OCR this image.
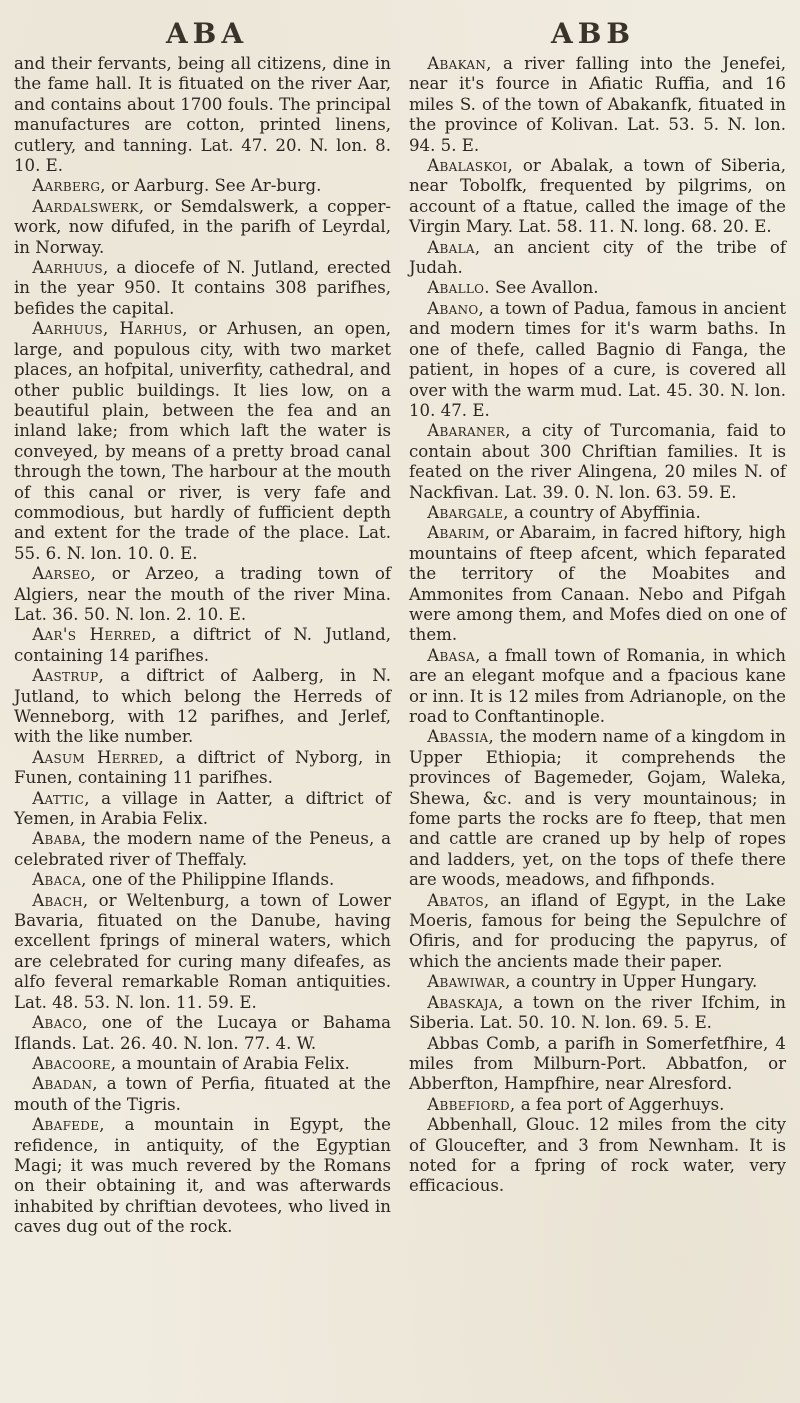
ABA	ABB

and their fervants, being all citizens, dine in the fame hall. It is fituated on the river Aar, and contains about 1700 fouls. The principal manufactures are cotton, printed linens, cutlery, and tanning. Lat. 47. 20. N. lon. 8. 10. E.

Aarberg, or Aarburg. See Ar-burg.

Aardalswerk, or Semdalswerk, a copper-work, now difufed, in the parifh of Leyrdal, in Norway.

Aarhuus, a diocefe of N. Jutland, erected in the year 950. It contains 308 parifhes, befides the capital.

Aarhuus, Harhus, or Arhusen, an open, large, and populous city, with two market places, an hofpital, univerfity, cathedral, and other public buildings. It lies low, on a beautiful plain, between the fea and an inland lake; from which laft the water is conveyed, by means of a pretty broad canal through the town, The harbour at the mouth of this canal or river, is very fafe and commodious, but hardly of fufficient depth and extent for the trade of the place. Lat. 55. 6. N. lon. 10. 0. E.

Aarseo, or Arzeo, a trading town of Algiers, near the mouth of the river Mina. Lat. 36. 50. N. lon. 2. 10. E.

Aar's Herred, a diftrict of N. Jutland, containing 14 parifhes.

Aastrup, a diftrict of Aalberg, in N. Jutland, to which belong the Herreds of Wenneborg, with 12 parifhes, and Jerlef, with the like number.

Aasum Herred, a diftrict of Nyborg, in Funen, containing 11 parifhes.

Aattic, a village in Aatter, a diftrict of Yemen, in Arabia Felix.

Ababa, the modern name of the Peneus, a celebrated river of Theffaly.

Abaca, one of the Philippine Iflands.

Abach, or Weltenburg, a town of Lower Bavaria, fituated on the Danube, having excellent fprings of mineral waters, which are celebrated for curing many difeafes, as alfo feveral remarkable Roman antiquities. Lat. 48. 53. N. lon. 11. 59. E.

Abaco, one of the Lucaya or Bahama Iflands. Lat. 26. 40. N. lon. 77. 4. W.

Abacoore, a mountain of Arabia Felix.

Abadan, a town of Perfia, fituated at the mouth of the Tigris.

Abafede, a mountain in Egypt, the refidence, in antiquity, of the Egyptian Magi; it was much revered by the Romans on their obtaining it, and was afterwards inhabited by chriftian devotees, who lived in caves dug out of the rock.

Abakan, a river falling into the Jenefei, near it's fource in Afiatic Ruffia, and 16 miles S. of the town of Abakanfk, fituated in the province of Kolivan. Lat. 53. 5. N. lon. 94. 5. E.

Abalaskoi, or Abalak, a town of Siberia, near Tobolfk, frequented by pilgrims, on account of a ftatue, called the image of the Virgin Mary. Lat. 58. 11. N. long. 68. 20. E.

Abala, an ancient city of the tribe of Judah.

Aballo. See Avallon.

Abano, a town of Padua, famous in ancient and modern times for it's warm baths. In one of thefe, called Bagnio di Fanga, the patient, in hopes of a cure, is covered all over with the warm mud. Lat. 45. 30. N. lon. 10. 47. E.

Abaraner, a city of Turcomania, faid to contain about 300 Chriftian families. It is feated on the river Alingena, 20 miles N. of Nackfivan. Lat. 39. 0. N. lon. 63. 59. E.

Abargale, a country of Abyffinia.

Abarim, or Abaraim, in facred hiftory, high mountains of fteep afcent, which feparated the territory of the Moabites and Ammonites from Canaan. Nebo and Pifgah were among them, and Mofes died on one of them.

Abasa, a fmall town of Romania, in which are an elegant mofque and a fpacious kane or inn. It is 12 miles from Adrianople, on the road to Conftantinople.

Abassia, the modern name of a kingdom in Upper Ethiopia; it comprehends the provinces of Bagemeder, Gojam, Waleka, Shewa, &c. and is very mountainous; in fome parts the rocks are fo fteep, that men and cattle are craned up by help of ropes and ladders, yet, on the tops of thefe there are woods, meadows, and fifhponds.

Abatos, an ifland of Egypt, in the Lake Moeris, famous for being the Sepulchre of Ofiris, and for producing the papyrus, of which the ancients made their paper.

Abawiwar, a country in Upper Hungary.

Abaskaja, a town on the river Ifchim, in Siberia. Lat. 50. 10. N. lon. 69. 5. E.

Abbas Comb, a parifh in Somerfetfhire, 4 miles from Milburn-Port. Abbatfon, or Abberfton, Hampfhire, near Alresford.

Abbefiord, a fea port of Aggerhuys.

Abbenhall, Glouc. 12 miles from the city of Gloucefter, and 3 from Newnham. It is noted for a fpring of rock water, very efficacious.
